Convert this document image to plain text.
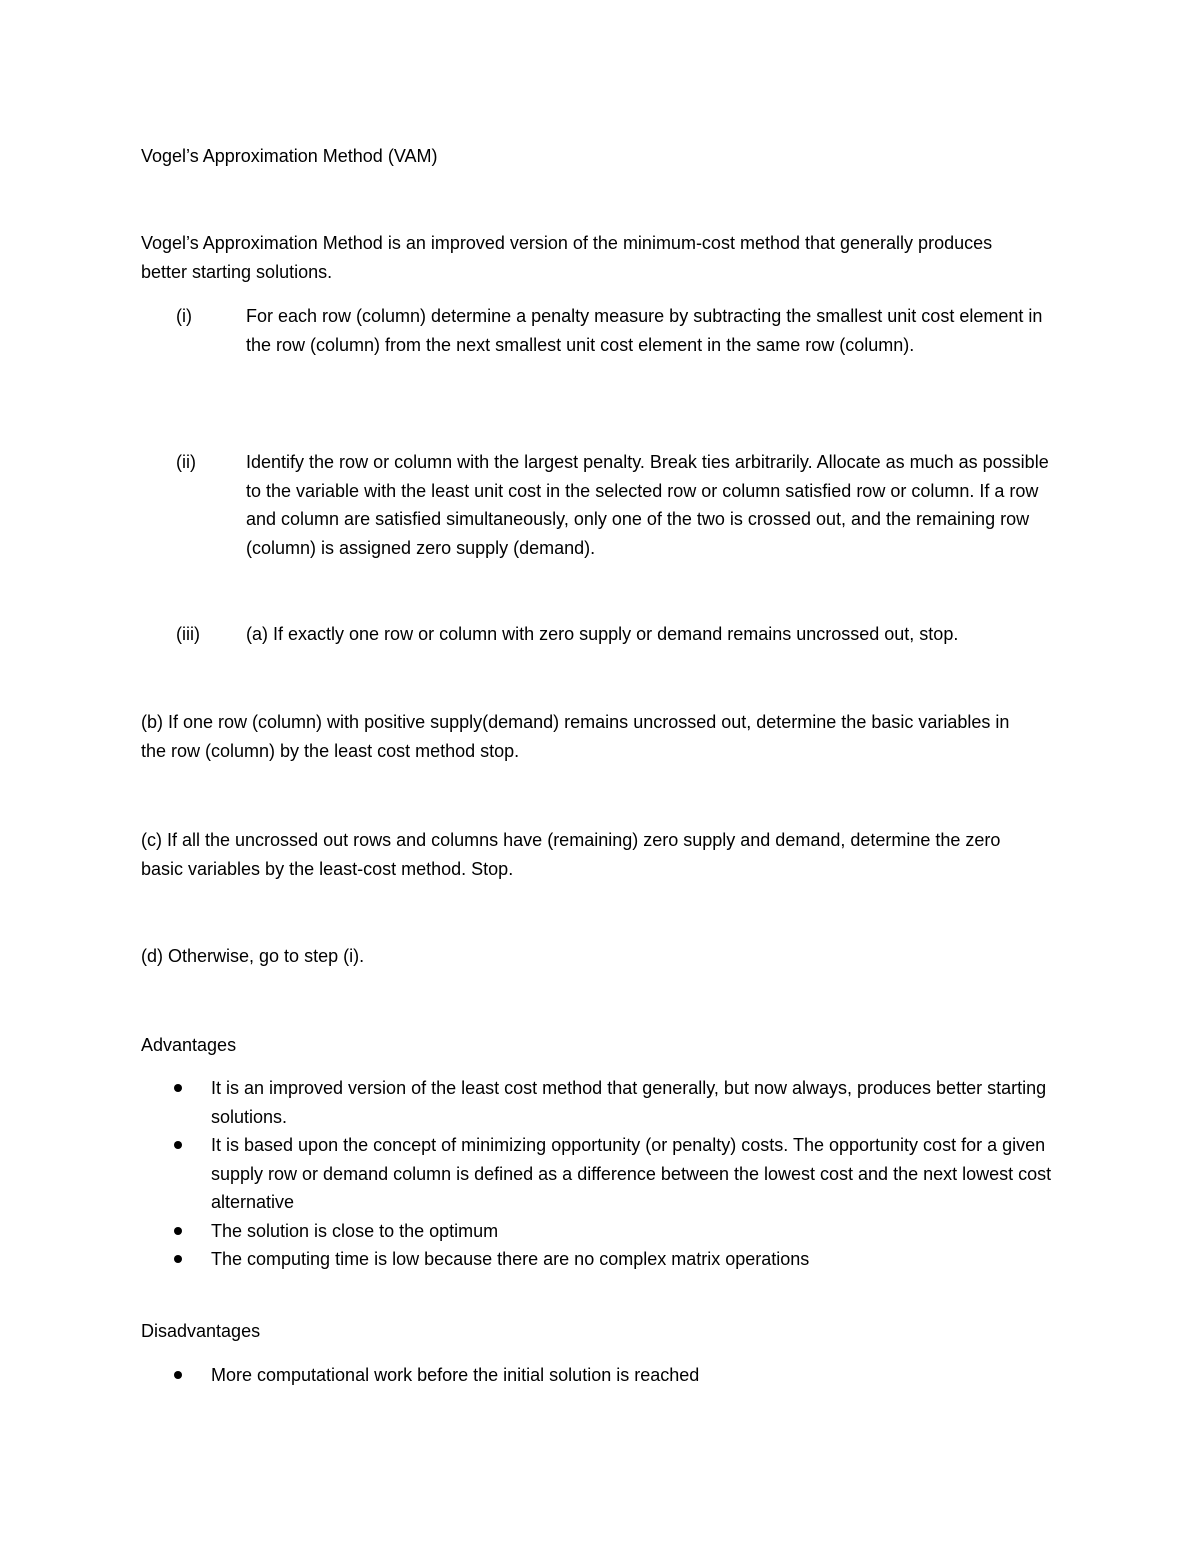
Vogel’s Approximation Method (VAM)

Vogel’s Approximation Method is an improved version of the minimum-cost method that generally produces better starting solutions.

(i)	For each row (column) determine a penalty measure by subtracting the smallest unit cost element in the row (column) from the next smallest unit cost element in the same row (column).
(ii)	Identify the row or column with the largest penalty. Break ties arbitrarily. Allocate as much as possible to the variable with the least unit cost in the selected row or column satisfied row or column. If a row and column are satisfied simultaneously, only one of the two is crossed out, and the remaining row (column) is assigned zero supply (demand).
(iii)	(a) If exactly one row or column with zero supply or demand remains uncrossed out, stop.

(b) If one row (column) with positive supply(demand) remains uncrossed out, determine the basic variables in the row (column) by the least cost method stop.

(c) If all the uncrossed out rows and columns have (remaining) zero supply and demand, determine the zero basic variables by the least-cost method. Stop.

(d) Otherwise, go to step (i).

Advantages

It is an improved version of the least cost method that generally, but now always, produces better starting solutions.
It is based upon the concept of minimizing opportunity (or penalty) costs. The opportunity cost for a given supply row or demand column is defined as a difference between the lowest cost and the next lowest cost alternative
The solution is close to the optimum
The computing time is low because there are no complex matrix operations

Disadvantages

More computational work before the initial solution is reached
